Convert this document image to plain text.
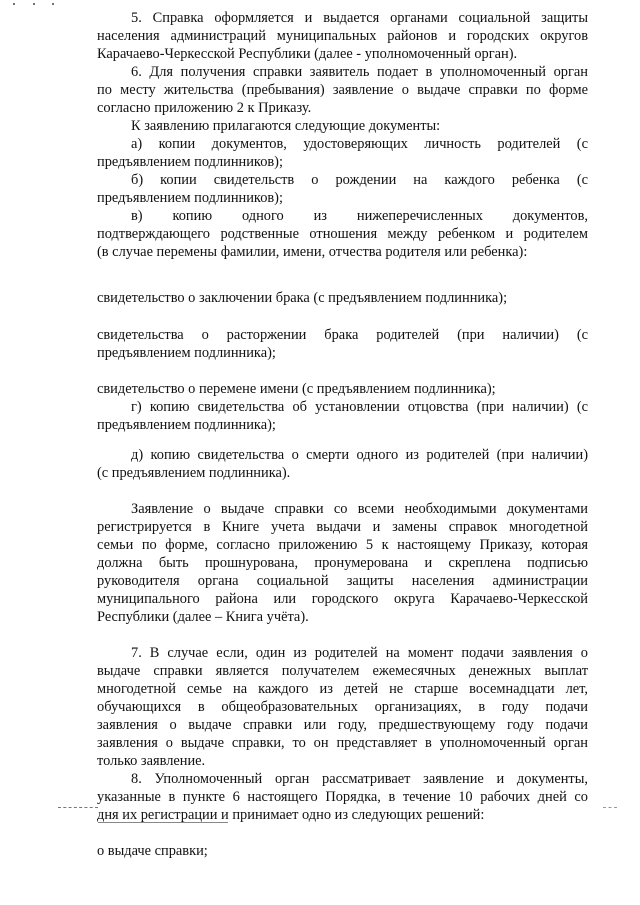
5. Справка оформляется и выдается органами социальной защиты

населения администраций муниципальных районов и городских округов

Карачаево-Черкесской Республики (далее - уполномоченный орган).

6. Для получения справки заявитель подает в уполномоченный орган

по месту жительства (пребывания) заявление о выдаче справки по форме

согласно приложению 2 к Приказу.

К заявлению прилагаются следующие документы:

а) копии документов, удостоверяющих личность родителей (с

предъявлением подлинников);

б) копии свидетельств о рождении на каждого ребенка (с

предъявлением подлинников);

в) копию одного из нижеперечисленных документов,

подтверждающего родственные отношения между ребенком и родителем

(в случае перемены фамилии, имени, отчества родителя или ребенка):

свидетельство о заключении брака (с предъявлением подлинника);

свидетельства о расторжении брака родителей (при наличии) (с

предъявлением подлинника);

свидетельство о перемене имени (с предъявлением подлинника);

г) копию свидетельства об установлении отцовства (при наличии) (с

предъявлением подлинника);

д) копию свидетельства о смерти одного из родителей (при наличии)

(с предъявлением подлинника).

Заявление о выдаче справки со всеми необходимыми документами

регистрируется в Книге учета выдачи и замены справок многодетной

семьи по форме, согласно приложению 5 к настоящему Приказу, которая

должна быть прошнурована, пронумерована и скреплена подписью

руководителя органа социальной защиты населения администрации

муниципального района или городского округа Карачаево-Черкесской

Республики (далее – Книга учёта).

7. В случае если, один из родителей на момент подачи заявления о

выдаче справки является получателем ежемесячных денежных выплат

многодетной семье на каждого из детей не старше восемнадцати лет,

обучающихся в общеобразовательных организациях, в году подачи

заявления о выдаче справки или году, предшествующему году подачи

заявления о выдаче справки, то он представляет в уполномоченный орган

только заявление.

8. Уполномоченный орган рассматривает заявление и документы,

указанные в пункте 6 настоящего Порядка, в течение 10 рабочих дней со

дня их регистрации и принимает одно из следующих решений:

о выдаче справки;
